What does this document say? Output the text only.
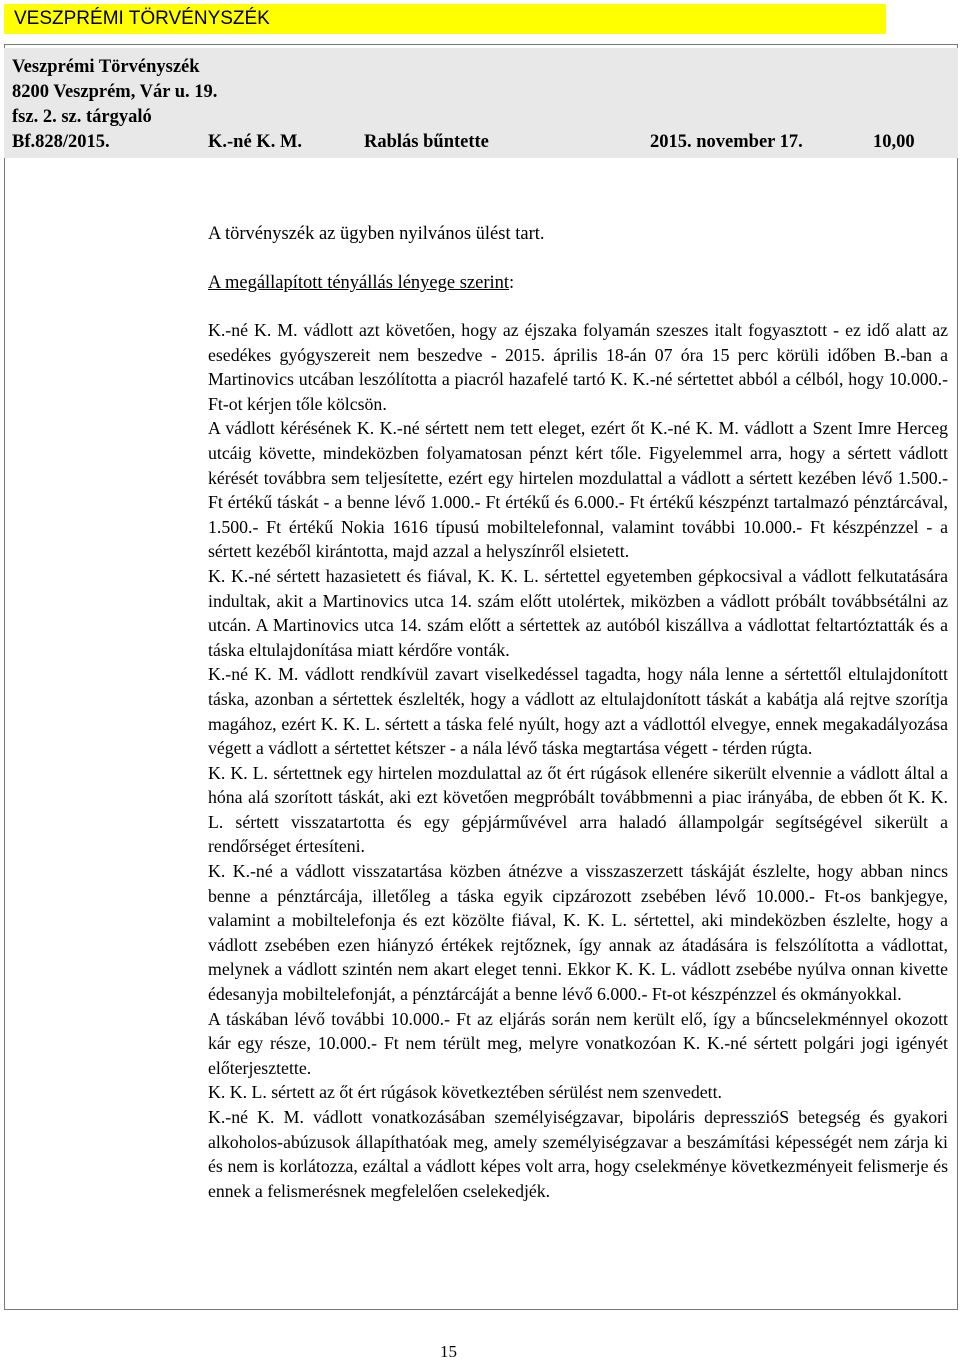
VESZPRÉMI TÖRVÉNYSZÉK
Veszprémi Törvényszék
8200 Veszprém, Vár u. 19.
fsz. 2. sz. tárgyaló
Bf.828/2015.	K.-né K. M.	Rablás bűntette	2015. november 17.	10,00
A törvényszék az ügyben nyilvános ülést tart.
A megállapított tényállás lényege szerint:

K.-né K. M. vádlott azt követően, hogy az éjszaka folyamán szeszes italt fogyasztott - ez idő alatt az esedékes gyógyszereit nem beszedve - 2015. április 18-án 07 óra 15 perc körüli időben B.-ban a Martinovics utcában leszólította a piacról hazafelé tartó K. K.-né sértettet abból a célból, hogy 10.000.- Ft-ot kérjen tőle kölcsön.

A vádlott kérésének K. K.-né sértett nem tett eleget, ezért őt K.-né K. M. vádlott a Szent Imre Herceg utcáig követte, mindeközben folyamatosan pénzt kért tőle. Figyelemmel arra, hogy a sértett vádlott kérését továbbra sem teljesítette, ezért egy hirtelen mozdulattal a vádlott a sértett kezében lévő 1.500.- Ft értékű táskát - a benne lévő 1.000.- Ft értékű és 6.000.- Ft értékű készpénzt tartalmazó pénztárcával, 1.500.- Ft értékű Nokia 1616 típusú mobiltelefonnal, valamint további 10.000.- Ft készpénzzel - a sértett kezéből kirántotta, majd azzal a helyszínről elsietett.

K. K.-né sértett hazasietett és fiával, K. K. L. sértettel egyetemben gépkocsival a vádlott felkutatására indultak, akit a Martinovics utca 14. szám előtt utolértek, miközben a vádlott próbált továbbsétálni az utcán. A Martinovics utca 14. szám előtt a sértettek az autóból kiszállva a vádlottat feltartóztatták és a táska eltulajdonítása miatt kérdőre vonták.

K.-né K. M. vádlott rendkívül zavart viselkedéssel tagadta, hogy nála lenne a sértettől eltulajdonított táska, azonban a sértettek észlelték, hogy a vádlott az eltulajdonított táskát a kabátja alá rejtve szorítja magához, ezért K. K. L. sértett a táska felé nyúlt, hogy azt a vádlottól elvegye, ennek megakadályozása végett a vádlott a sértettet kétszer - a nála lévő táska megtartása végett - térden rúgta.

K. K. L. sértettnek egy hirtelen mozdulattal az őt ért rúgások ellenére sikerült elvennie a vádlott által a hóna alá szorított táskát, aki ezt követően megpróbált továbbmenni a piac irányába, de ebben őt K. K. L. sértett visszatartotta és egy gépjárművével arra haladó állampolgár segítségével sikerült a rendőrséget értesíteni.

K. K.-né a vádlott visszatartása közben átnézve a visszaszerzett táskáját észlelte, hogy abban nincs benne a pénztárcája, illetőleg a táska egyik cipzározott zsebében lévő 10.000.- Ft-os bankjegye, valamint a mobiltelefonja és ezt közölte fiával, K. K. L. sértettel, aki mindeközben észlelte, hogy a vádlott zsebében ezen hiányzó értékek rejtőznek, így annak az átadására is felszólította a vádlottat, melynek a vádlott szintén nem akart eleget tenni. Ekkor K. K. L. vádlott zsebébe nyúlva onnan kivette édesanyja mobiltelefonját, a pénztárcáját a benne lévő 6.000.- Ft-ot készpénzzel és okmányokkal.

A táskában lévő további 10.000.- Ft az eljárás során nem került elő, így a bűncselekménnyel okozott kár egy része, 10.000.- Ft nem térült meg, melyre vonatkozóan K. K.-né sértett polgári jogi igényét előterjesztette.

K. K. L. sértett az őt ért rúgások következtében sérülést nem szenvedett.

K.-né K. M. vádlott vonatkozásában személyiségzavar, bipoláris depresszióS betegség és gyakori alkoholos-abúzusok állapíthatóak meg, amely személyiségzavar a beszámítási képességét nem zárja ki és nem is korlátozza, ezáltal a vádlott képes volt arra, hogy cselekménye következményeit felismerje és ennek a felismerésnek megfelelően cselekedjék.

15
